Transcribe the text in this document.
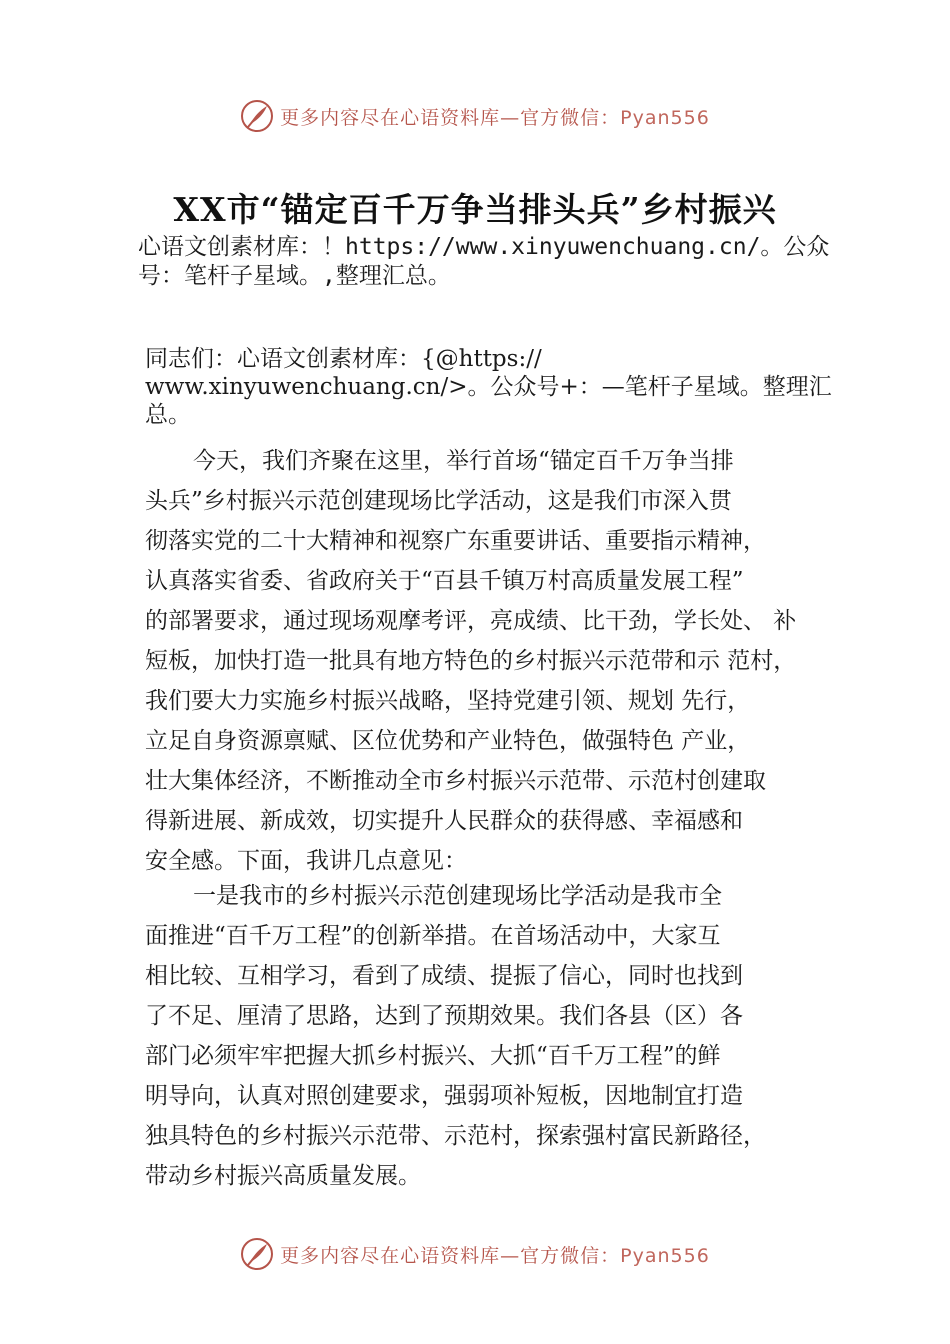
更多内容尽在心语资料库—官方微信：Pyan556
XX市“锚定百千万争当排头兵”乡村振兴
心语文创素材库：！https://www.xinyuwenchuang.cn/。公众
号：笔杆子星域。,整理汇总。
同志们：心语文创素材库：{@https://
www.xinyuwenchuang.cn/>。公众号+：—笔杆子星域。整理汇
总。
今天，我们齐聚在这里，举行首场“锚定百千万争当排
头兵”乡村振兴示范创建现场比学活动，这是我们市深入贯
彻落实党的二十大精神和视察广东重要讲话、重要指示精神，
认真落实省委、省政府关于“百县千镇万村高质量发展工程”
的部署要求，通过现场观摩考评，亮成绩、比干劲，学长处、 补
短板，加快打造一批具有地方特色的乡村振兴示范带和示 范村，
我们要大力实施乡村振兴战略，坚持党建引领、规划 先行，
立足自身资源禀赋、区位优势和产业特色，做强特色 产业，
壮大集体经济，不断推动全市乡村振兴示范带、示范村创建取
得新进展、新成效，切实提升人民群众的获得感、幸福感和
安全感。下面，我讲几点意见：
一是我市的乡村振兴示范创建现场比学活动是我市全
面推进“百千万工程”的创新举措。在首场活动中，大家互
相比较、互相学习，看到了成绩、提振了信心，同时也找到
了不足、厘清了思路，达到了预期效果。我们各县（区）各
部门必须牢牢把握大抓乡村振兴、大抓“百千万工程”的鲜
明导向，认真对照创建要求，强弱项补短板，因地制宜打造
独具特色的乡村振兴示范带、示范村，探索强村富民新路径，
带动乡村振兴高质量发展。
更多内容尽在心语资料库—官方微信：Pyan556
